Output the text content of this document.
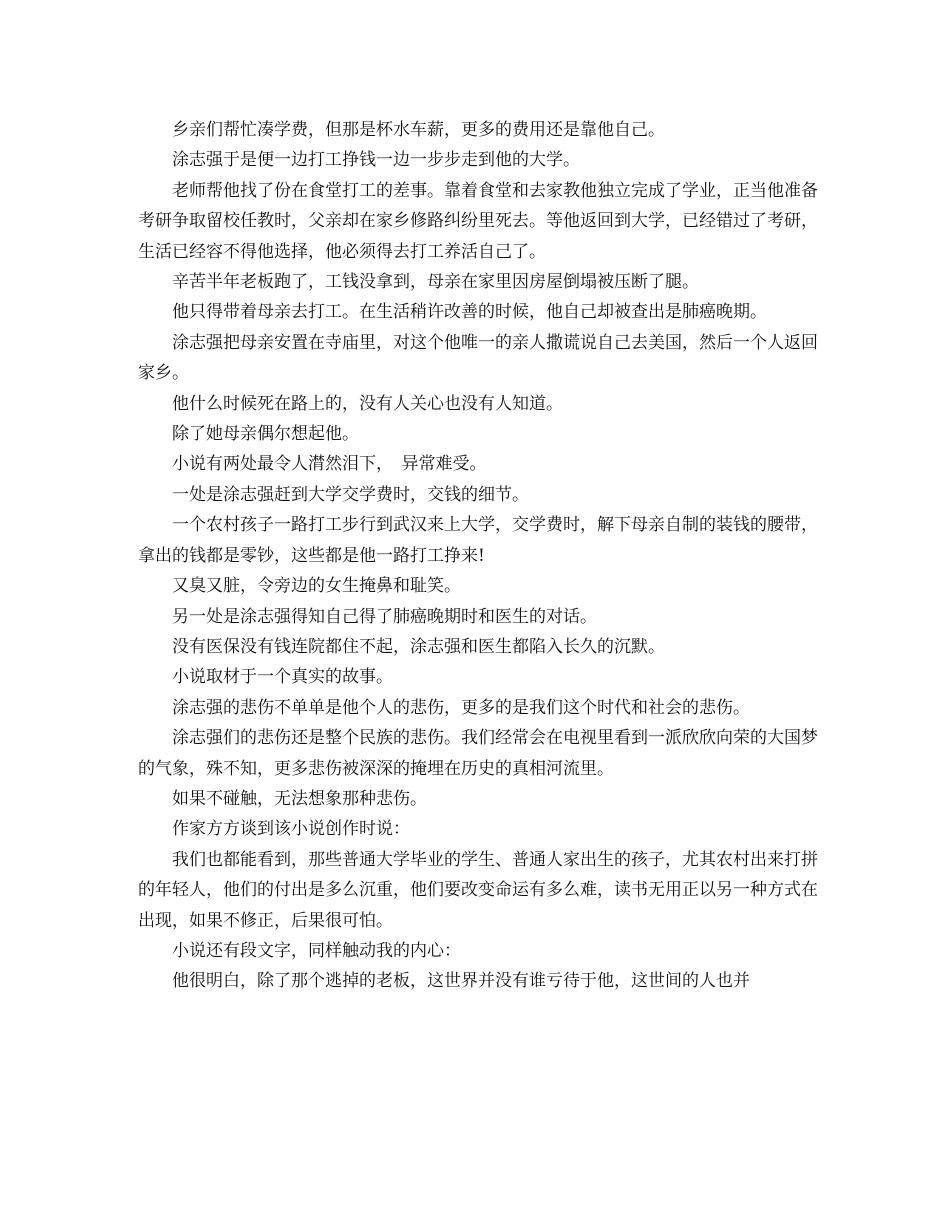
乡亲们帮忙凑学费，但那是杯水车薪，更多的费用还是靠他自己。

涂志强于是便一边打工挣钱一边一步步走到他的大学。

老师帮他找了份在食堂打工的差事。靠着食堂和去家教他独立完成了学业，正当他准备考研争取留校任教时，父亲却在家乡修路纠纷里死去。等他返回到大学，已经错过了考研，生活已经容不得他选择，他必须得去打工养活自己了。

辛苦半年老板跑了，工钱没拿到，母亲在家里因房屋倒塌被压断了腿。

他只得带着母亲去打工。在生活稍许改善的时候，他自己却被查出是肺癌晚期。

涂志强把母亲安置在寺庙里，对这个他唯一的亲人撒谎说自己去美国，然后一个人返回家乡。

他什么时候死在路上的，没有人关心也没有人知道。

除了她母亲偶尔想起他。

小说有两处最令人潸然泪下，　异常难受。

一处是涂志强赶到大学交学费时，交钱的细节。

一个农村孩子一路打工步行到武汉来上大学，交学费时，解下母亲自制的装钱的腰带，拿出的钱都是零钞，这些都是他一路打工挣来!

又臭又脏，令旁边的女生掩鼻和耻笑。

另一处是涂志强得知自己得了肺癌晚期时和医生的对话。

没有医保没有钱连院都住不起，涂志强和医生都陷入长久的沉默。

小说取材于一个真实的故事。

涂志强的悲伤不单单是他个人的悲伤，更多的是我们这个时代和社会的悲伤。

涂志强们的悲伤还是整个民族的悲伤。我们经常会在电视里看到一派欣欣向荣的大国梦的气象，殊不知，更多悲伤被深深的掩埋在历史的真相河流里。

如果不碰触，无法想象那种悲伤。

作家方方谈到该小说创作时说：

我们也都能看到，那些普通大学毕业的学生、普通人家出生的孩子，尤其农村出来打拼的年轻人，他们的付出是多么沉重，他们要改变命运有多么难，读书无用正以另一种方式在出现，如果不修正，后果很可怕。

小说还有段文字，同样触动我的内心：

他很明白，除了那个逃掉的老板，这世界并没有谁亏待于他，这世间的人也并
